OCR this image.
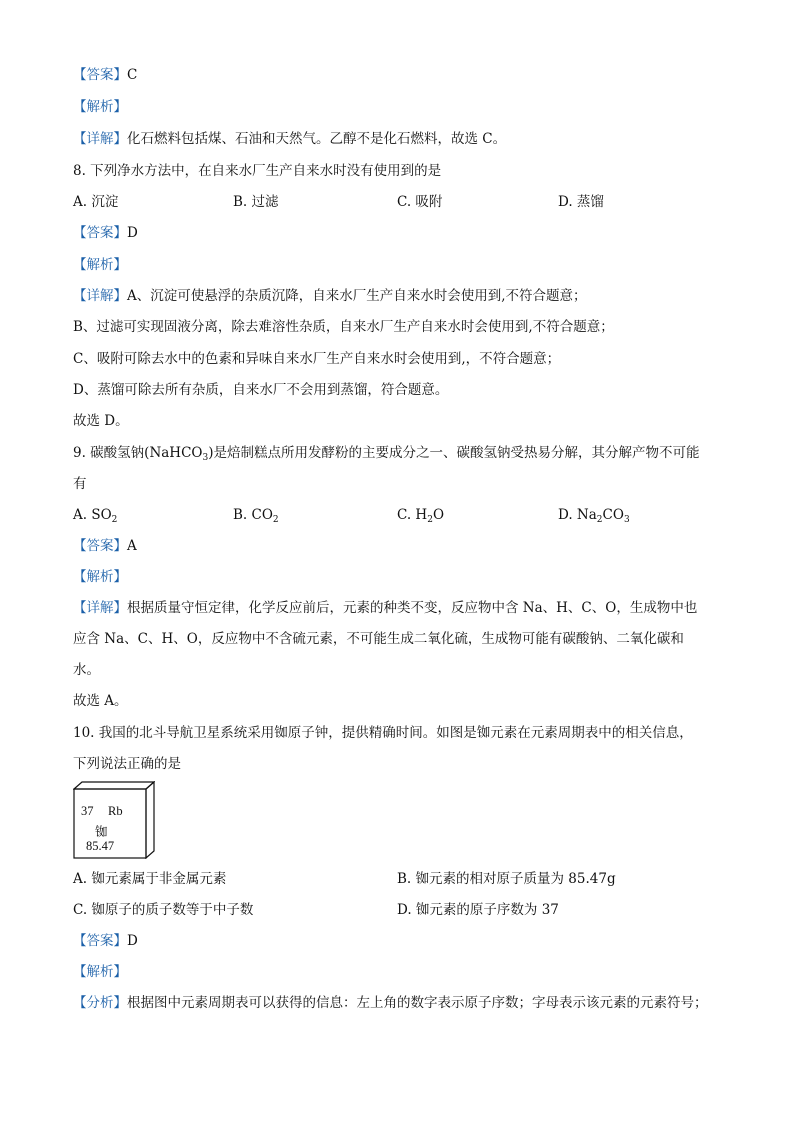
【答案】C
【解析】
【详解】化石燃料包括煤、石油和天然气。乙醇不是化石燃料，故选 C。
8. 下列净水方法中，在自来水厂生产自来水时没有使用到的是
A. 沉淀	B. 过滤	C. 吸附	D. 蒸馏
【答案】D
【解析】
【详解】A、沉淀可使悬浮的杂质沉降，自来水厂生产自来水时会使用到,不符合题意；
B、过滤可实现固液分离，除去难溶性杂质，自来水厂生产自来水时会使用到,不符合题意；
C、吸附可除去水中的色素和异味自来水厂生产自来水时会使用到,，不符合题意；
D、蒸馏可除去所有杂质，自来水厂不会用到蒸馏，符合题意。
故选 D。
9. 碳酸氢钠(NaHCO$_3$)是焙制糕点所用发酵粉的主要成分之一、碳酸氢钠受热易分解，其分解产物不可能
有
A. $SO_2$	B. $CO_2$	C. $H_2O$	D. $Na_2CO_3$
【答案】A
【解析】
【详解】根据质量守恒定律，化学反应前后，元素的种类不变，反应物中含 Na、H、C、O，生成物中也
应含 Na、C、H、O，反应物中不含硫元素，不可能生成二氧化硫，生成物可能有碳酸钠、二氧化碳和
水。
故选 A。
10. 我国的北斗导航卫星系统采用铷原子钟，提供精确时间。如图是铷元素在元素周期表中的相关信息，
下列说法正确的是
37 Rb
铷
85.47
A. 铷元素属于非金属元素	B. 铷元素的相对原子质量为 85.47g
C. 铷原子的质子数等于中子数	D. 铷元素的原子序数为 37
【答案】D
【解析】
【分析】根据图中元素周期表可以获得的信息：左上角的数字表示原子序数；字母表示该元素的元素符号；
